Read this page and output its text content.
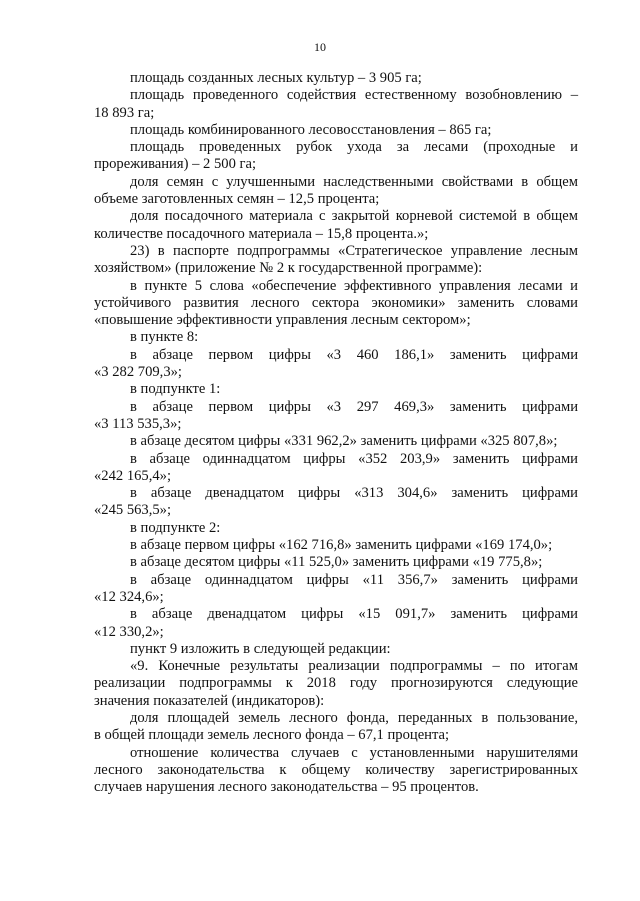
10
площадь созданных лесных культур – 3 905 га;
площадь проведенного содействия естественному возобновлению –
18 893 га;
площадь комбинированного лесовосстановления – 865 га;
площадь проведенных рубок ухода за лесами (проходные и
прореживания) – 2 500 га;
доля семян с улучшенными наследственными свойствами в общем
объеме заготовленных семян – 12,5 процента;
доля посадочного материала с закрытой корневой системой в общем
количестве посадочного материала – 15,8 процента.»;
23) в паспорте подпрограммы «Стратегическое управление лесным
хозяйством» (приложение № 2 к государственной программе):
в пункте 5 слова «обеспечение эффективного управления лесами и
устойчивого развития лесного сектора экономики» заменить словами
«повышение эффективности управления лесным сектором»;
в пункте 8:
в абзаце первом цифры «3 460 186,1» заменить цифрами
«3 282 709,3»;
в подпункте 1:
в абзаце первом цифры «3 297 469,3» заменить цифрами
«3 113 535,3»;
в абзаце десятом цифры «331 962,2» заменить цифрами «325 807,8»;
в абзаце одиннадцатом цифры «352 203,9» заменить цифрами
«242 165,4»;
в абзаце двенадцатом цифры «313 304,6» заменить цифрами
«245 563,5»;
в подпункте 2:
в абзаце первом цифры «162 716,8» заменить цифрами «169 174,0»;
в абзаце десятом цифры «11 525,0» заменить цифрами «19 775,8»;
в абзаце одиннадцатом цифры «11 356,7» заменить цифрами
«12 324,6»;
в абзаце двенадцатом цифры «15 091,7» заменить цифрами
«12 330,2»;
пункт 9 изложить в следующей редакции:
«9. Конечные результаты реализации подпрограммы – по итогам
реализации подпрограммы к 2018 году прогнозируются следующие
значения показателей (индикаторов):
доля площадей земель лесного фонда, переданных в пользование,
в общей площади земель лесного фонда – 67,1 процента;
отношение количества случаев с установленными нарушителями
лесного законодательства к общему количеству зарегистрированных
случаев нарушения лесного законодательства – 95 процентов.
